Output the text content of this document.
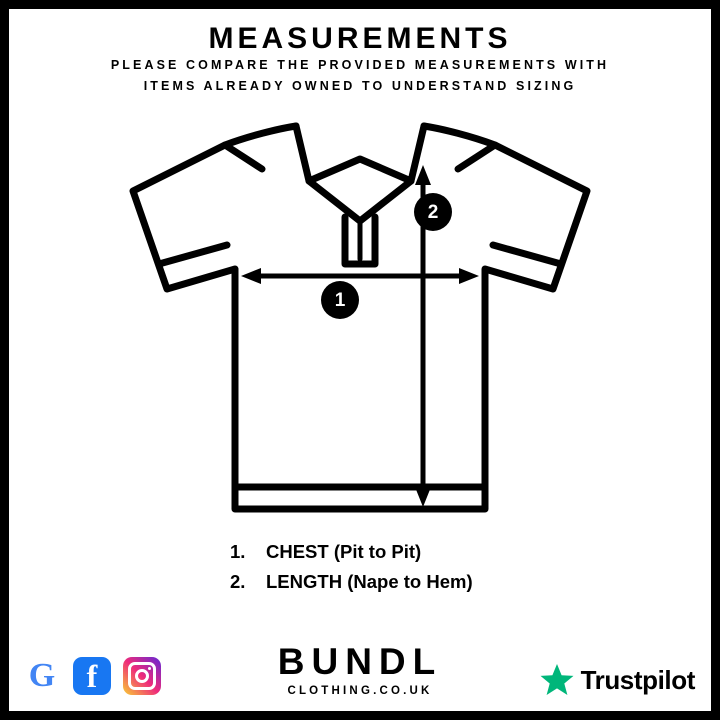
MEASUREMENTS
PLEASE COMPARE THE PROVIDED MEASUREMENTS WITH
ITEMS ALREADY OWNED TO UNDERSTAND SIZING
1
2
1.	CHEST (Pit to Pit)
2.	LENGTH (Nape to Hem)
G f	BUNDL
CLOTHING.CO.UK	Trustpilot
